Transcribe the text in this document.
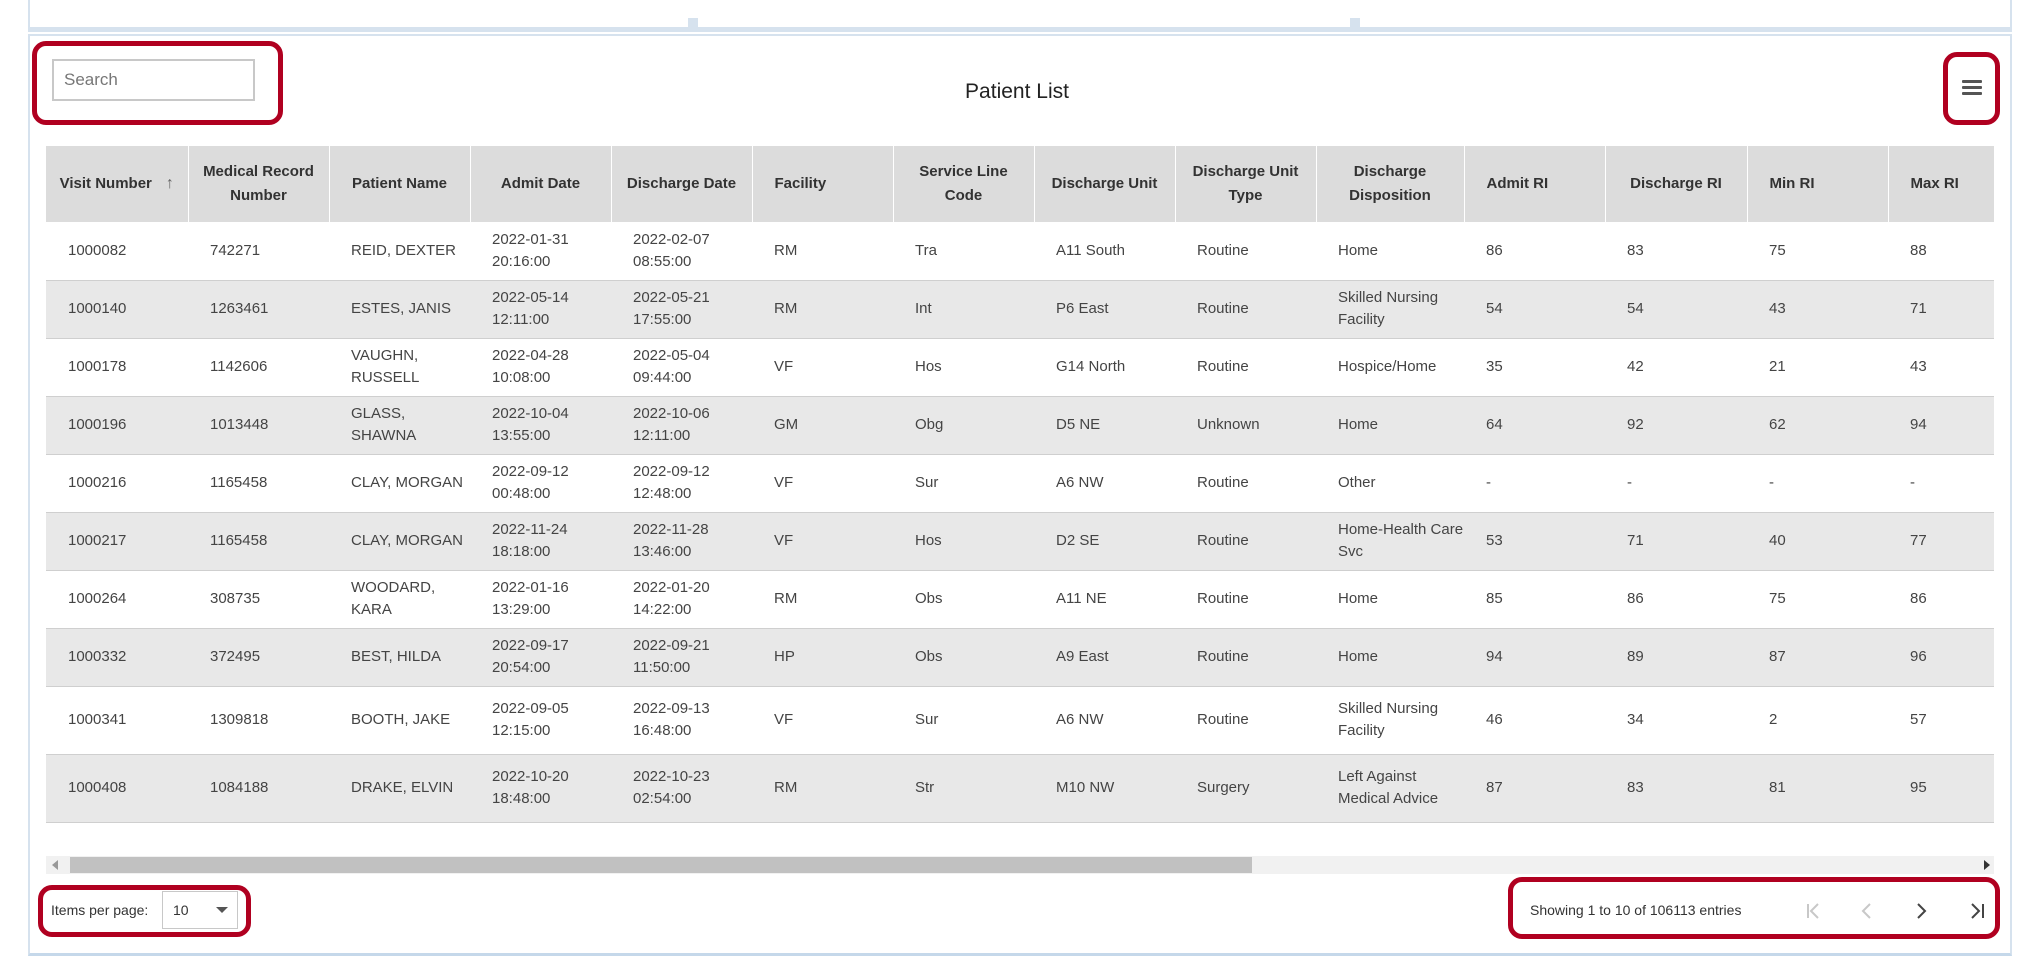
Search
Patient List
Visit Number ↑	Medical Record Number	Patient Name	Admit Date	Discharge Date	Facility	Service Line Code	Discharge Unit	Discharge Unit Type	Discharge Disposition	Admit RI	Discharge RI	Min RI	Max RI
1000082	742271	REID, DEXTER	2022-01-31 20:16:00	2022-02-07 08:55:00	RM	Tra	A11 South	Routine	Home	86	83	75	88
1000140	1263461	ESTES, JANIS	2022-05-14 12:11:00	2022-05-21 17:55:00	RM	Int	P6 East	Routine	Skilled Nursing Facility	54	54	43	71
1000178	1142606	VAUGHN, RUSSELL	2022-04-28 10:08:00	2022-05-04 09:44:00	VF	Hos	G14 North	Routine	Hospice/Home	35	42	21	43
1000196	1013448	GLASS, SHAWNA	2022-10-04 13:55:00	2022-10-06 12:11:00	GM	Obg	D5 NE	Unknown	Home	64	92	62	94
1000216	1165458	CLAY, MORGAN	2022-09-12 00:48:00	2022-09-12 12:48:00	VF	Sur	A6 NW	Routine	Other	-	-	-	-
1000217	1165458	CLAY, MORGAN	2022-11-24 18:18:00	2022-11-28 13:46:00	VF	Hos	D2 SE	Routine	Home-Health Care Svc	53	71	40	77
1000264	308735	WOODARD, KARA	2022-01-16 13:29:00	2022-01-20 14:22:00	RM	Obs	A11 NE	Routine	Home	85	86	75	86
1000332	372495	BEST, HILDA	2022-09-17 20:54:00	2022-09-21 11:50:00	HP	Obs	A9 East	Routine	Home	94	89	87	96
1000341	1309818	BOOTH, JAKE	2022-09-05 12:15:00	2022-09-13 16:48:00	VF	Sur	A6 NW	Routine	Skilled Nursing Facility	46	34	2	57
1000408	1084188	DRAKE, ELVIN	2022-10-20 18:48:00	2022-10-23 02:54:00	RM	Str	M10 NW	Surgery	Left Against Medical Advice	87	83	81	95
Items per page: 10	Showing 1 to 10 of 106113 entries
